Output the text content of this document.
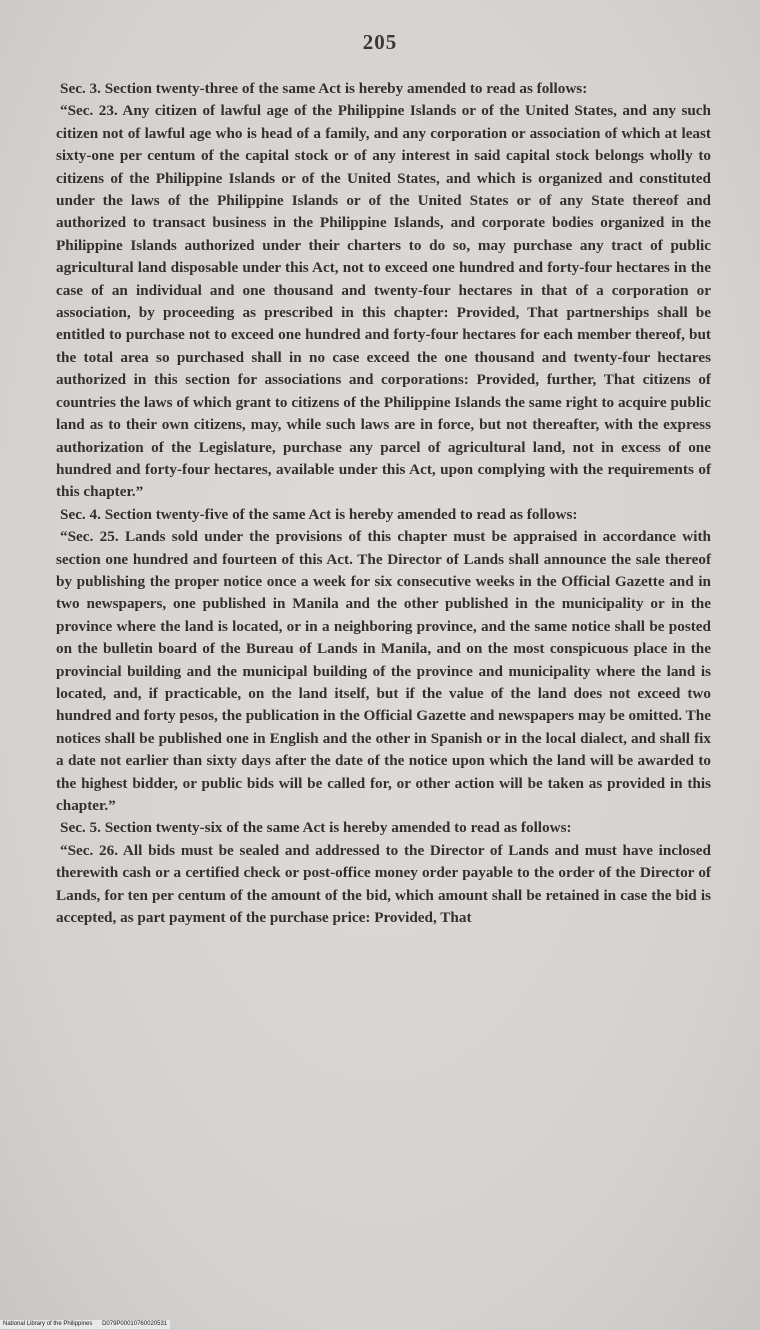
205

Sec. 3. Section twenty-three of the same Act is hereby amended to read as follows:

“Sec. 23. Any citizen of lawful age of the Philippine Islands or of the United States, and any such citizen not of lawful age who is head of a family, and any corporation or association of which at least sixty-one per centum of the capital stock or of any interest in said capital stock belongs wholly to citizens of the Philippine Islands or of the United States, and which is organized and constituted under the laws of the Philippine Islands or of the United States or of any State thereof and authorized to transact business in the Philippine Islands, and corporate bodies organized in the Philippine Islands authorized under their charters to do so, may purchase any tract of public agricultural land disposable under this Act, not to exceed one hundred and forty-four hectares in the case of an individual and one thousand and twenty-four hectares in that of a corporation or association, by proceeding as prescribed in this chapter: Provided, That partnerships shall be entitled to purchase not to exceed one hundred and forty-four hectares for each member thereof, but the total area so purchased shall in no case exceed the one thousand and twenty-four hectares authorized in this section for associations and corporations: Provided, further, That citizens of countries the laws of which grant to citizens of the Philippine Islands the same right to acquire public land as to their own citizens, may, while such laws are in force, but not thereafter, with the express authorization of the Legislature, purchase any parcel of agricultural land, not in excess of one hundred and forty-four hectares, available under this Act, upon complying with the requirements of this chapter.”

Sec. 4. Section twenty-five of the same Act is hereby amended to read as follows:

“Sec. 25. Lands sold under the provisions of this chapter must be appraised in accordance with section one hundred and fourteen of this Act. The Director of Lands shall announce the sale thereof by publishing the proper notice once a week for six consecutive weeks in the Official Gazette and in two newspapers, one published in Manila and the other published in the municipality or in the province where the land is located, or in a neighboring province, and the same notice shall be posted on the bulletin board of the Bureau of Lands in Manila, and on the most conspicuous place in the provincial building and the municipal building of the province and municipality where the land is located, and, if practicable, on the land itself, but if the value of the land does not exceed two hundred and forty pesos, the publication in the Official Gazette and newspapers may be omitted. The notices shall be published one in English and the other in Spanish or in the local dialect, and shall fix a date not earlier than sixty days after the date of the notice upon which the land will be awarded to the highest bidder, or public bids will be called for, or other action will be taken as provided in this chapter.”

Sec. 5. Section twenty-six of the same Act is hereby amended to read as follows:

“Sec. 26. All bids must be sealed and addressed to the Director of Lands and must have inclosed therewith cash or a certified check or post-office money order payable to the order of the Director of Lands, for ten per centum of the amount of the bid, which amount shall be retained in case the bid is accepted, as part payment of the purchase price: Provided, That

National Library of the Philippines D079P00010760020531
